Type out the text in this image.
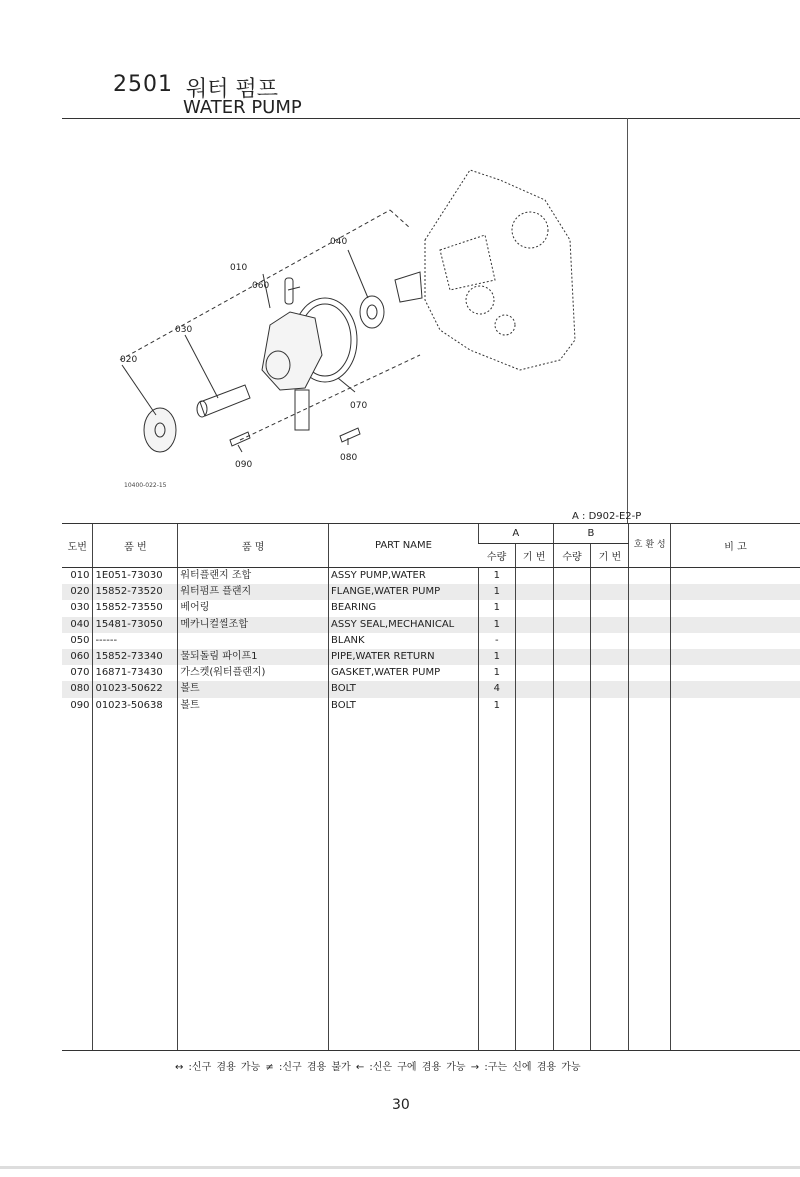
2501 워터 펌프
WATER PUMP
010
020
030
040
060
070
080
090
10400-022-15
A : D902-E2-P
도번	품 번	품 명	PART NAME	A		B		호 환 성	비 고
				수량	기 번	수량	기 번		
010	1E051-73030	워터플랜지 조합	ASSY PUMP,WATER	1					
020	15852-73520	워터펌프 플랜지	FLANGE,WATER PUMP	1					
030	15852-73550	베어링	BEARING	1					
040	15481-73050	메카니컬씰조합	ASSY SEAL,MECHANICAL	1					
050	------		BLANK	-					
060	15852-73340	물되돌림 파이프1	PIPE,WATER RETURN	1					
070	16871-73430	가스켓(워터플랜지)	GASKET,WATER PUMP	1					
080	01023-50622	볼트	BOLT	4					
090	01023-50638	볼트	BOLT	1					

↔ :신구 겸용 가능 ≠ :신구 겸용 불가 ← :신은 구에 겸용 가능 → :구는 신에 겸용 가능
30
